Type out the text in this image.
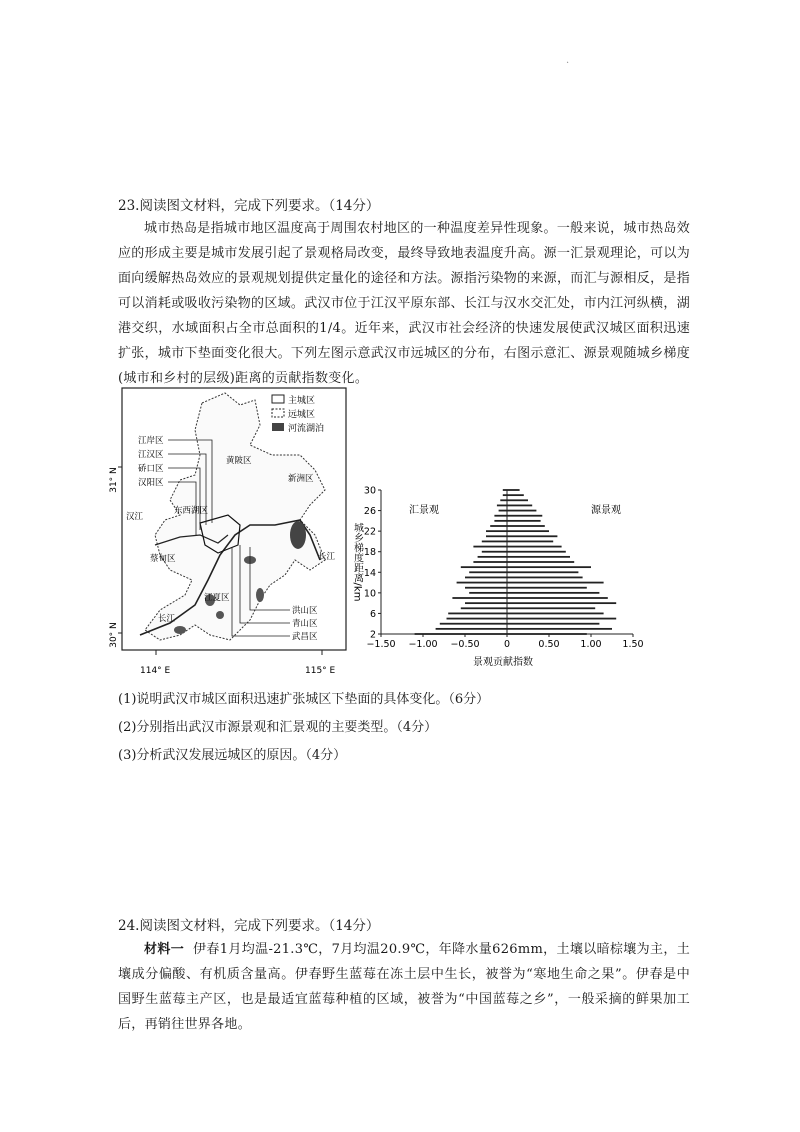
·
23.阅读图文材料，完成下列要求。（14分）
城市热岛是指城市地区温度高于周围农村地区的一种温度差异性现象。一般来说，城市热岛效应的形成主要是城市发展引起了景观格局改变，最终导致地表温度升高。源一汇景观理论，可以为面向缓解热岛效应的景观规划提供定量化的途径和方法。源指污染物的来源，而汇与源相反，是指可以消耗或吸收污染物的区域。武汉市位于江汉平原东部、长江与汉水交汇处，市内江河纵横，湖港交织，水域面积占全市总面积的1/4。近年来，武汉市社会经济的快速发展使武汉城区面积迅速扩张，城市下垫面变化很大。下列左图示意武汉市远城区的分布，右图示意汇、源景观随城乡梯度(城市和乡村的层级)距离的贡献指数变化。
主城区
远城区
河流湖泊
江岸区
江汉区
硚口区
汉阳区
洪山区
青山区
武昌区
黄陂区
新洲区
东西湖区
汉江
蔡甸区
江夏区
长江
长江
31° N
30° N
114° E	115° E
−1.50 −1.00 −0.50	0	0.50 1.00 1.50
2
6
10
14
18
22
26
30
汇景观	源景观
城乡梯度距离/km
景观贡献指数
(1)说明武汉市城区面积迅速扩张城区下垫面的具体变化。（6分）
(2)分别指出武汉市源景观和汇景观的主要类型。（4分）
(3)分析武汉发展远城区的原因。（4分）
24.阅读图文材料，完成下列要求。（14分）
材料一 伊春1月均温-21.3℃，7月均温20.9℃，年降水量626mm，土壤以暗棕壤为主，土壤成分偏酸、有机质含量高。伊春野生蓝莓在冻土层中生长，被誉为“寒地生命之果”。伊春是中国野生蓝莓主产区，也是最适宜蓝莓种植的区域，被誉为“中国蓝莓之乡”，一般采摘的鲜果加工后，再销往世界各地。
